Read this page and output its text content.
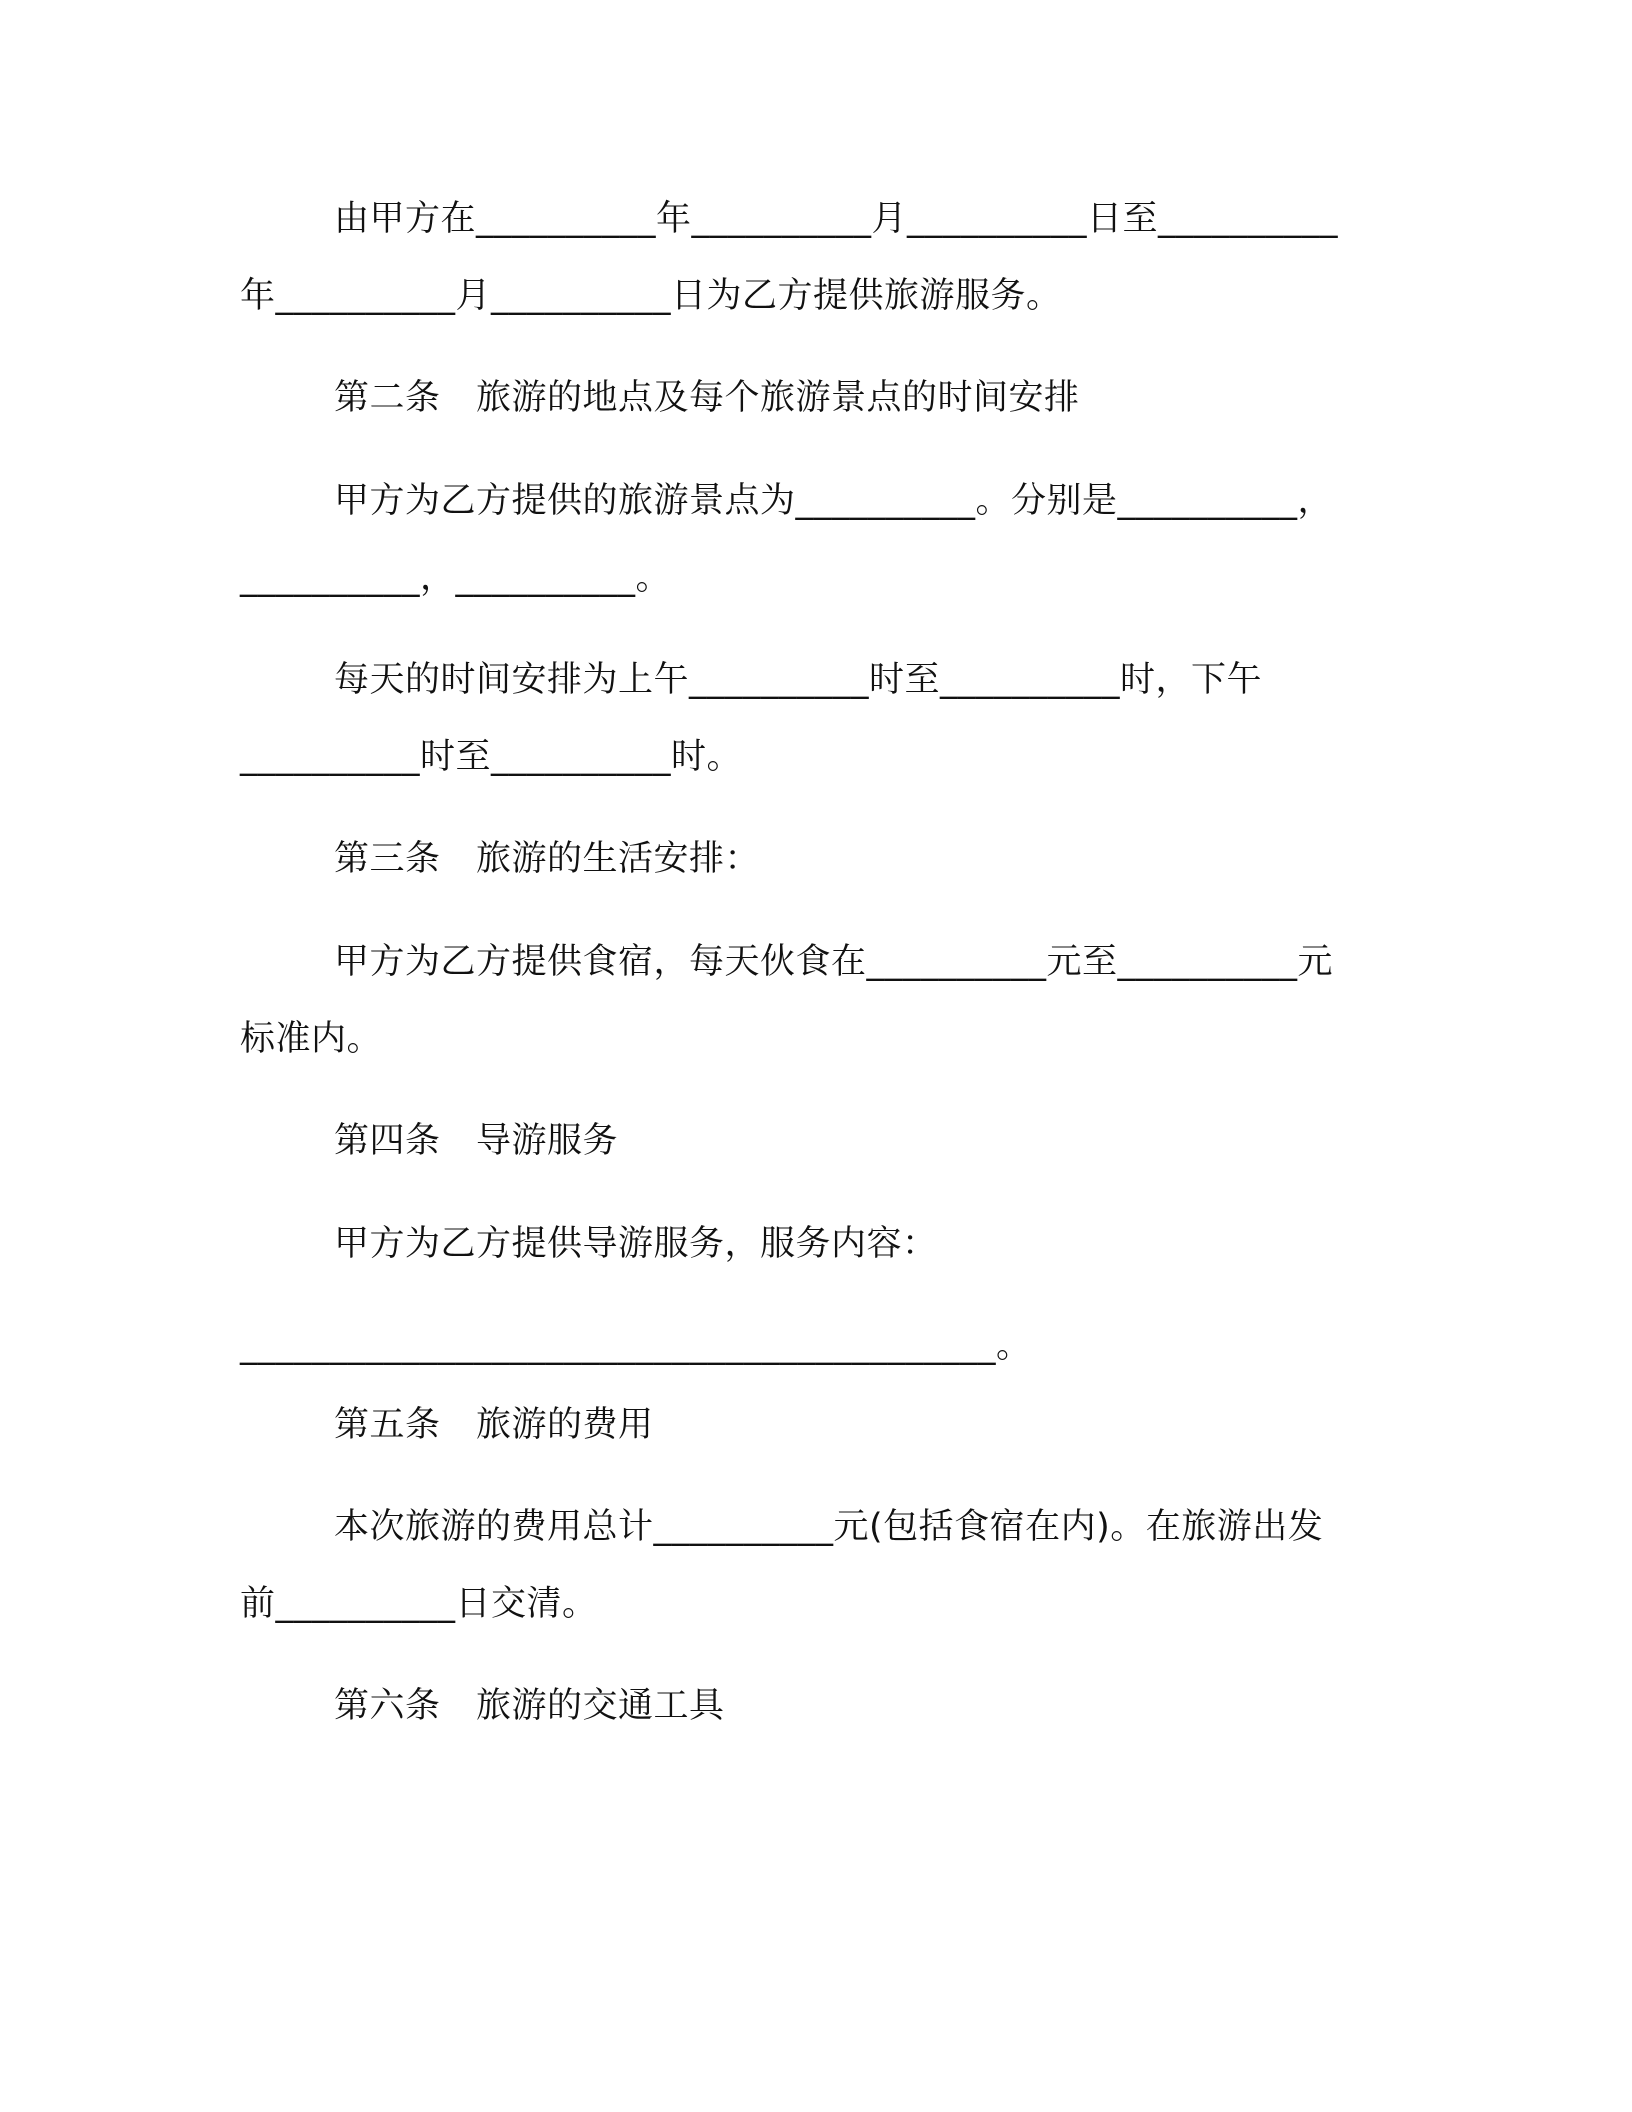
由甲方在__________年__________月__________日至__________
年__________月__________日为乙方提供旅游服务。
第二条　旅游的地点及每个旅游景点的时间安排
甲方为乙方提供的旅游景点为__________。分别是__________，
__________，__________。
每天的时间安排为上午__________时至__________时，下午
__________时至__________时。
第三条　旅游的生活安排：
甲方为乙方提供食宿，每天伙食在__________元至__________元
标准内。
第四条　导游服务
甲方为乙方提供导游服务，服务内容：
__________________________________________。
第五条　旅游的费用
本次旅游的费用总计__________元(包括食宿在内)。在旅游出发
前__________日交清。
第六条　旅游的交通工具
